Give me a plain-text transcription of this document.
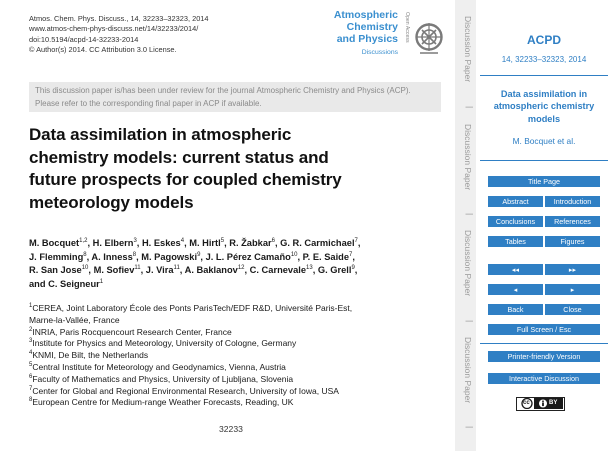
Atmos. Chem. Phys. Discuss., 14, 32233–32323, 2014
www.atmos-chem-phys-discuss.net/14/32233/2014/
doi:10.5194/acpd-14-32233-2014
© Author(s) 2014. CC Attribution 3.0 License.
Atmospheric
Chemistry
and Physics
Discussions
Open Access
This discussion paper is/has been under review for the journal Atmospheric Chemistry and Physics (ACP). Please refer to the corresponding final paper in ACP if available.
Data assimilation in atmospheric
chemistry models: current status and
future prospects for coupled chemistry
meteorology models
M. Bocquet$^{1,2}$, H. Elbern$^3$, H. Eskes$^4$, M. Hirtl$^5$, R. Žabkar$^6$, G. R. Carmichael$^7$,
J. Flemming$^8$, A. Inness$^8$, M. Pagowski$^9$, J. L. Pérez Camaño$^{10}$, P. E. Saide$^7$,
R. San Jose$^{10}$, M. Sofiev$^{11}$, J. Vira$^{11}$, A. Baklanov$^{12}$, C. Carnevale$^{13}$, G. Grell$^9$,
and C. Seigneur$^1$
$^1$CEREA, Joint Laboratory École des Ponts ParisTech/EDF R&D, Université Paris-Est,
Marne-la-Vallée, France
$^2$INRIA, Paris Rocquencourt Research Center, France
$^3$Institute for Physics and Meteorology, University of Cologne, Germany
$^4$KNMI, De Bilt, the Netherlands
$^5$Central Institute for Meteorology and Geodynamics, Vienna, Austria
$^6$Faculty of Mathematics and Physics, University of Ljubljana, Slovenia
$^7$Center for Global and Regional Environmental Research, University of Iowa, USA
$^8$European Centre for Medium-range Weather Forecasts, Reading, UK
32233
Discussion Paper
|
Discussion Paper
|
Discussion Paper
|
Discussion Paper
|
ACPD
14, 32233–32323, 2014
Data assimilation in atmospheric chemistry models
M. Bocquet et al.
Title Page
Abstract	Introduction
Conclusions	References
Tables	Figures
◂◂	▸▸
◂	▸
Back	Close
Full Screen / Esc
Printer-friendly Version
Interactive Discussion
cc	BY
